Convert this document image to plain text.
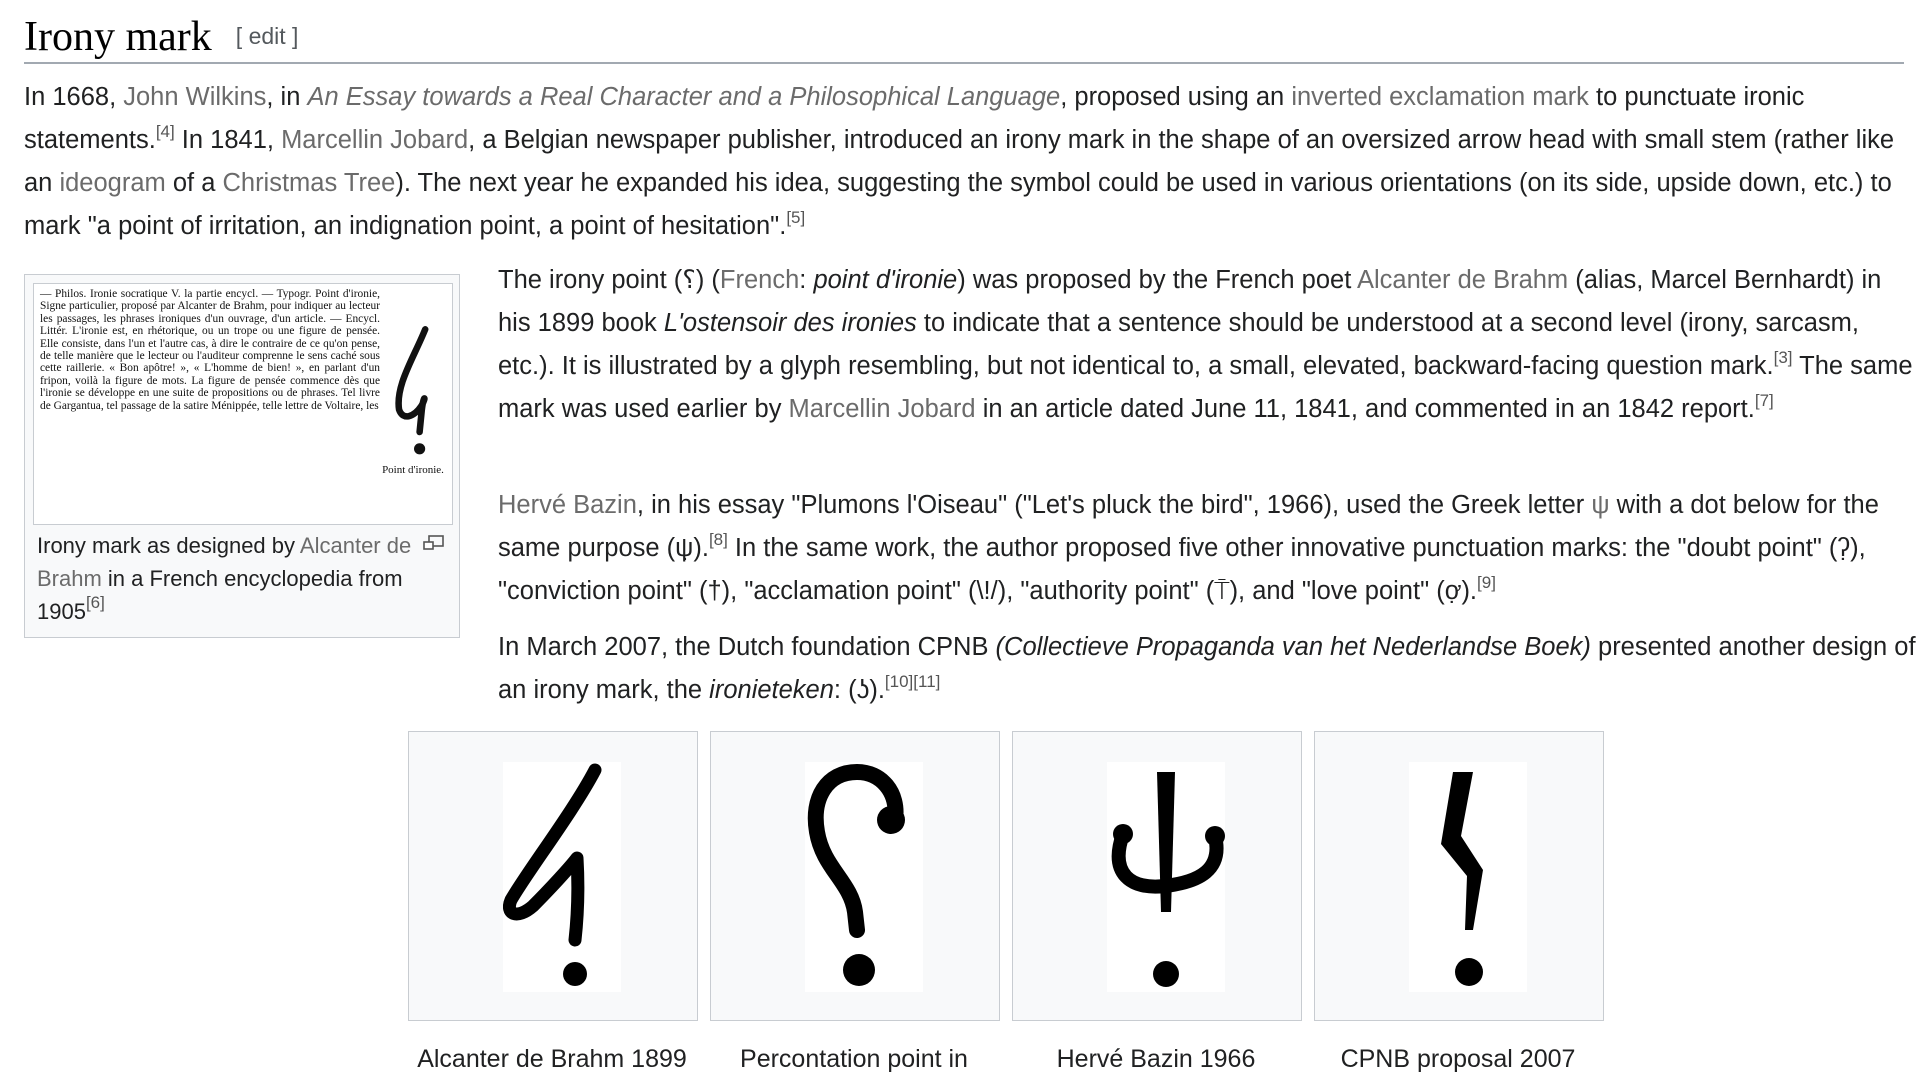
Irony mark [ edit ]

In 1668, John Wilkins, in An Essay towards a Real Character and a Philosophical Language, proposed using an inverted exclamation mark to punctuate ironic statements.[4] In 1841, Marcellin Jobard, a Belgian newspaper publisher, introduced an irony mark in the shape of an oversized arrow head with small stem (rather like an ideogram of a Christmas Tree). The next year he expanded his idea, suggesting the symbol could be used in various orientations (on its side, upside down, etc.) to mark "a point of irritation, an indignation point, a point of hesitation".[5]

— Philos. Ironie socratique V. la partie encycl. — Typogr. Point d'ironie, Signe particulier, proposé par Alcanter de Brahm, pour indiquer au lecteur les passages, les phrases ironiques d'un ouvrage, d'un article. — Encycl. Littér. L'ironie est, en rhétorique, ou un trope ou une figure de pensée. Elle consiste, dans l'un et l'autre cas, à dire le contraire de ce qu'on pense, de telle manière que le lecteur ou l'auditeur comprenne le sens caché sous cette raillerie. « Bon apôtre! », « L'homme de bien! », en parlant d'un fripon, voilà la figure de mots. La figure de pensée commence dès que l'ironie se développe en une suite de propositions ou de phrases. Tel livre de Gargantua, tel passage de la satire Ménippée, telle lettre de Voltaire, les
Point d'ironie.
Irony mark as designed by Alcanter de Brahm in a French encyclopedia from 1905[6]

The irony point (⸮) (French: point d'ironie) was proposed by the French poet Alcanter de Brahm (alias, Marcel Bernhardt) in his 1899 book L'ostensoir des ironies to indicate that a sentence should be understood at a second level (irony, sarcasm, etc.). It is illustrated by a glyph resembling, but not identical to, a small, elevated, backward-facing question mark.[3] The same mark was used earlier by Marcellin Jobard in an article dated June 11, 1841, and commented in an 1842 report.[7]

Hervé Bazin, in his essay "Plumons l'Oiseau" ("Let's pluck the bird", 1966), used the Greek letter ψ with a dot below for the same purpose (ψ̣).[8] In the same work, the author proposed five other innovative punctuation marks: the "doubt point" (ʔ̣), "conviction point" (†), "acclamation point" (\!/), "authority point" (⍑), and "love point" (ợ).[9]

In March 2007, the Dutch foundation CPNB (Collectieve Propaganda van het Nederlandse Boek) presented another design of an irony mark, the ironieteken: (ʖ).[10][11]

Alcanter de Brahm 1899	Percontation point in	Hervé Bazin 1966	CPNB proposal 2007
